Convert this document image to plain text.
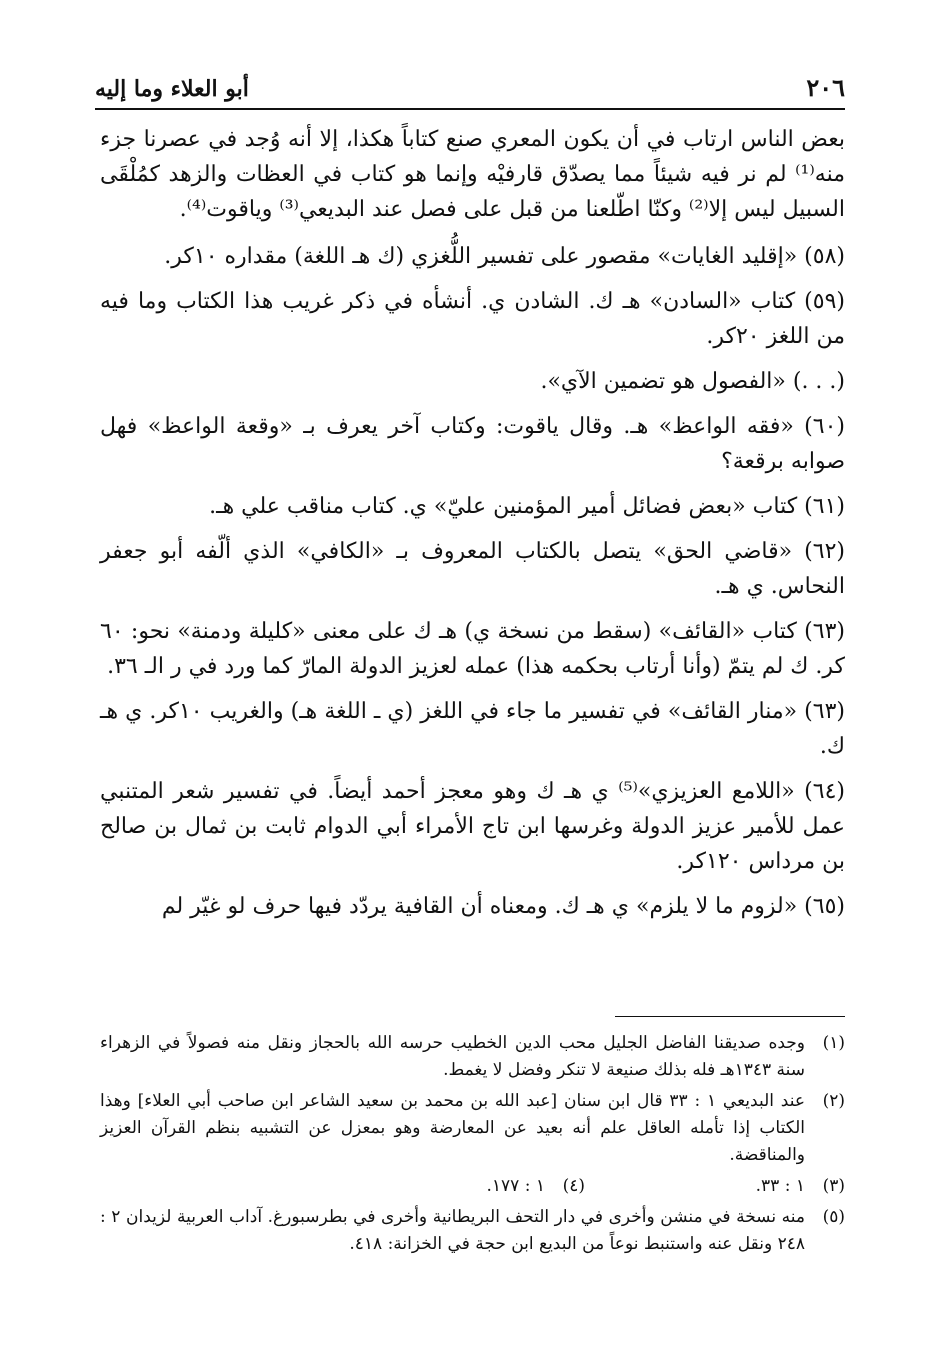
٢٠٦
أبو العلاء وما إليه

بعض الناس ارتاب في أن يكون المعري صنع كتاباً هكذا، إلا أنه وُجد في عصرنا جزء منه⁽¹⁾ لم نر فيه شيئاً مما يصدّق قارفيْه وإنما هو كتاب في العظات والزهد كمُلْقَى السبيل ليس إلا⁽²⁾ وكنّا اطّلعنا من قبل على فصل عند البديعي⁽³⁾ وياقوت⁽⁴⁾.

(٥٨) «إقليد الغايات» مقصور على تفسير اللُّغزي (ك هـ اللغة) مقداره ١٠كر.

(٥٩) كتاب «السادن» هـ ك. الشادن ي. أنشأه في ذكر غريب هذا الكتاب وما فيه من اللغز ٢٠كر.

(. . .) «الفصول هو تضمين الآي».

(٦٠) «فقه الواعظ» هـ. وقال ياقوت: وكتاب آخر يعرف بـ «وقعة الواعظ» فهل صوابه برقعة؟

(٦١) كتاب «بعض فضائل أمير المؤمنين عليّ» ي. كتاب مناقب علي هـ.

(٦٢) «قاضي الحق» يتصل بالكتاب المعروف بـ «الكافي» الذي ألّفه أبو جعفر النحاس. ي هـ.

(٦٣) كتاب «القائف» (سقط من نسخة ي) هـ ك على معنى «كليلة ودمنة» نحو: ٦٠ كر. ك لم يتمّ (وأنا أرتاب بحكمه هذا) عمله لعزيز الدولة المارّ كما ورد في ر الـ ٣٦.

(٦٣) «منار القائف» في تفسير ما جاء في اللغز (ي ـ اللغة هـ) والغريب ١٠كر. ي هـ ك.

(٦٤) «اللامع العزيزي»⁽⁵⁾ ي هـ ك وهو معجز أحمد أيضاً. في تفسير شعر المتنبي عمل للأمير عزيز الدولة وغرسها ابن تاج الأمراء أبي الدوام ثابت بن ثمال بن صالح بن مرداس ١٢٠كر.

(٦٥) «لزوم ما لا يلزم» ي هـ ك. ومعناه أن القافية يردّد فيها حرف لو غيّر لم

(١)
وجده صديقنا الفاضل الجليل محب الدين الخطيب حرسه الله بالحجاز ونقل منه فصولاً في الزهراء سنة ١٣٤٣هـ فله بذلك صنيعة لا تنكر وفضل لا يغمط.
(٢)
عند البديعي ١ : ٣٣ قال ابن سنان [عبد الله بن محمد بن سعيد الشاعر ابن صاحب أبي العلاء] وهذا الكتاب إذا تأمله العاقل علم أنه بعيد عن المعارضة وهو بمعزل عن التشبيه بنظم القرآن العزيز والمناقضة.
(٣)
١ : ٣٣.
(٤)
١ : ١٧٧.
(٥)
منه نسخة في منشن وأخرى في دار التحف البريطانية وأخرى في بطرسبورغ. آداب العربية لزيدان ٢ : ٢٤٨ ونقل عنه واستنبط نوعاً من البديع ابن حجة في الخزانة: ٤١٨.
